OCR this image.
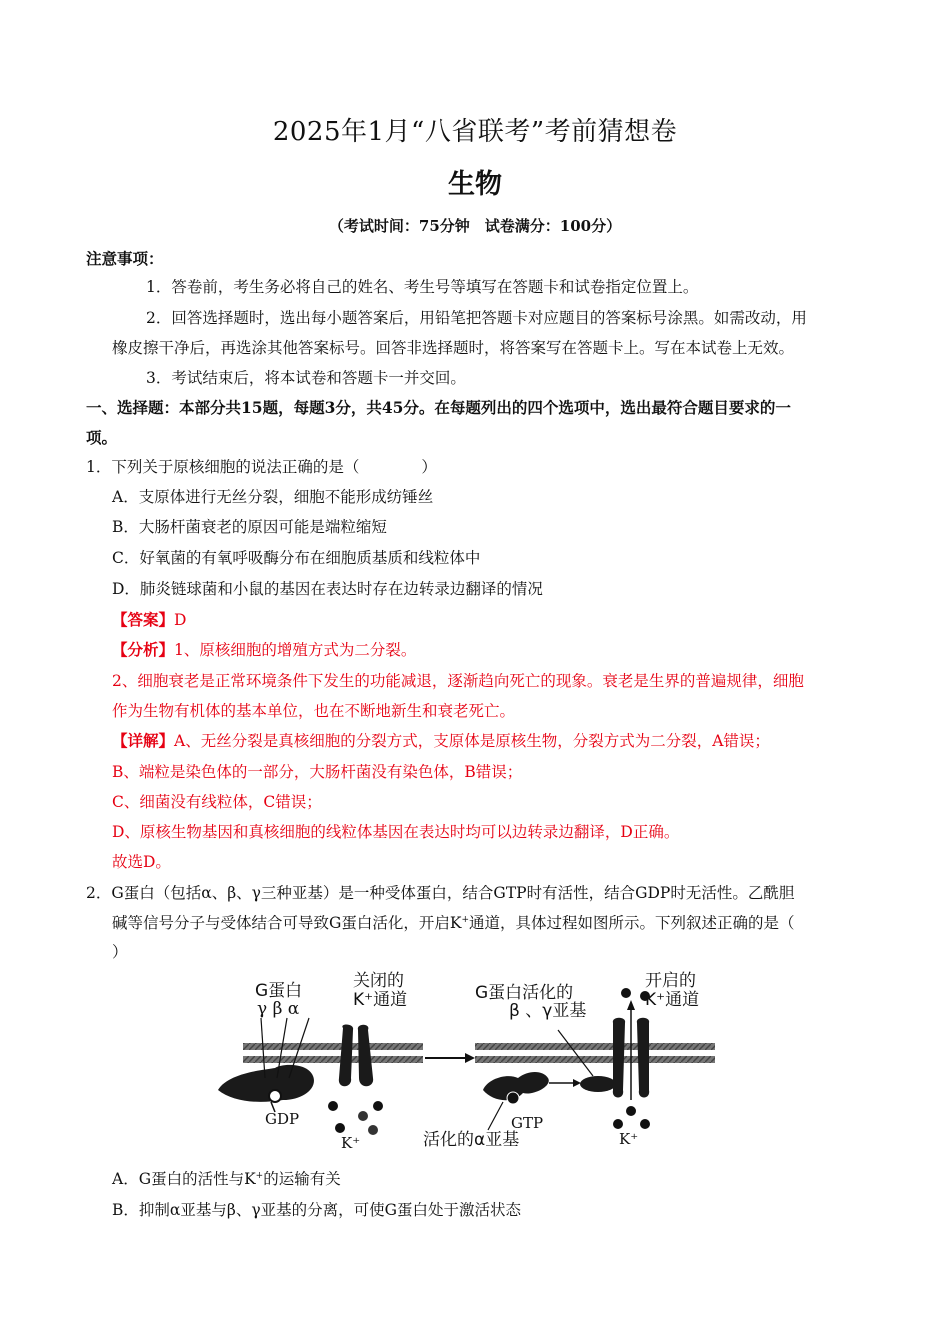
2025年1月“八省联考”考前猜想卷
生物
（考试时间：75分钟　试卷满分：100分）
注意事项：
1．答卷前，考生务必将自己的姓名、考生号等填写在答题卡和试卷指定位置上。
2．回答选择题时，选出每小题答案后，用铅笔把答题卡对应题目的答案标号涂黑。如需改动，用
橡皮擦干净后，再选涂其他答案标号。回答非选择题时，将答案写在答题卡上。写在本试卷上无效。
3．考试结束后，将本试卷和答题卡一并交回。
一、选择题：本部分共15题，每题3分，共45分。在每题列出的四个选项中，选出最符合题目要求的一
项。
1．下列关于原核细胞的说法正确的是（　　　　）
A．支原体进行无丝分裂，细胞不能形成纺锤丝
B．大肠杆菌衰老的原因可能是端粒缩短
C．好氧菌的有氧呼吸酶分布在细胞质基质和线粒体中
D．肺炎链球菌和小鼠的基因在表达时存在边转录边翻译的情况
【答案】D
【分析】1、原核细胞的增殖方式为二分裂。
2、细胞衰老是正常环境条件下发生的功能减退，逐渐趋向死亡的现象。衰老是生界的普遍规律，细胞
作为生物有机体的基本单位，也在不断地新生和衰老死亡。
【详解】A、无丝分裂是真核细胞的分裂方式，支原体是原核生物，分裂方式为二分裂，A错误；
B、端粒是染色体的一部分，大肠杆菌没有染色体，B错误；
C、细菌没有线粒体，C错误；
D、原核生物基因和真核细胞的线粒体基因在表达时均可以边转录边翻译，D正确。
故选D。
2．G蛋白（包括α、β、γ三种亚基）是一种受体蛋白，结合GTP时有活性，结合GDP时无活性。乙酰胆
碱等信号分子与受体结合可导致G蛋白活化，开启K+通道，具体过程如图所示。下列叙述正确的是（
）
G蛋白
γ β α
关闭的
K⁺通道
GDP
K⁺
G蛋白活化的
β 、γ亚基
开启的
K⁺通道
GTP
活化的α亚基	K⁺
A．G蛋白的活性与K+的运输有关
B．抑制α亚基与β、γ亚基的分离，可使G蛋白处于激活状态
